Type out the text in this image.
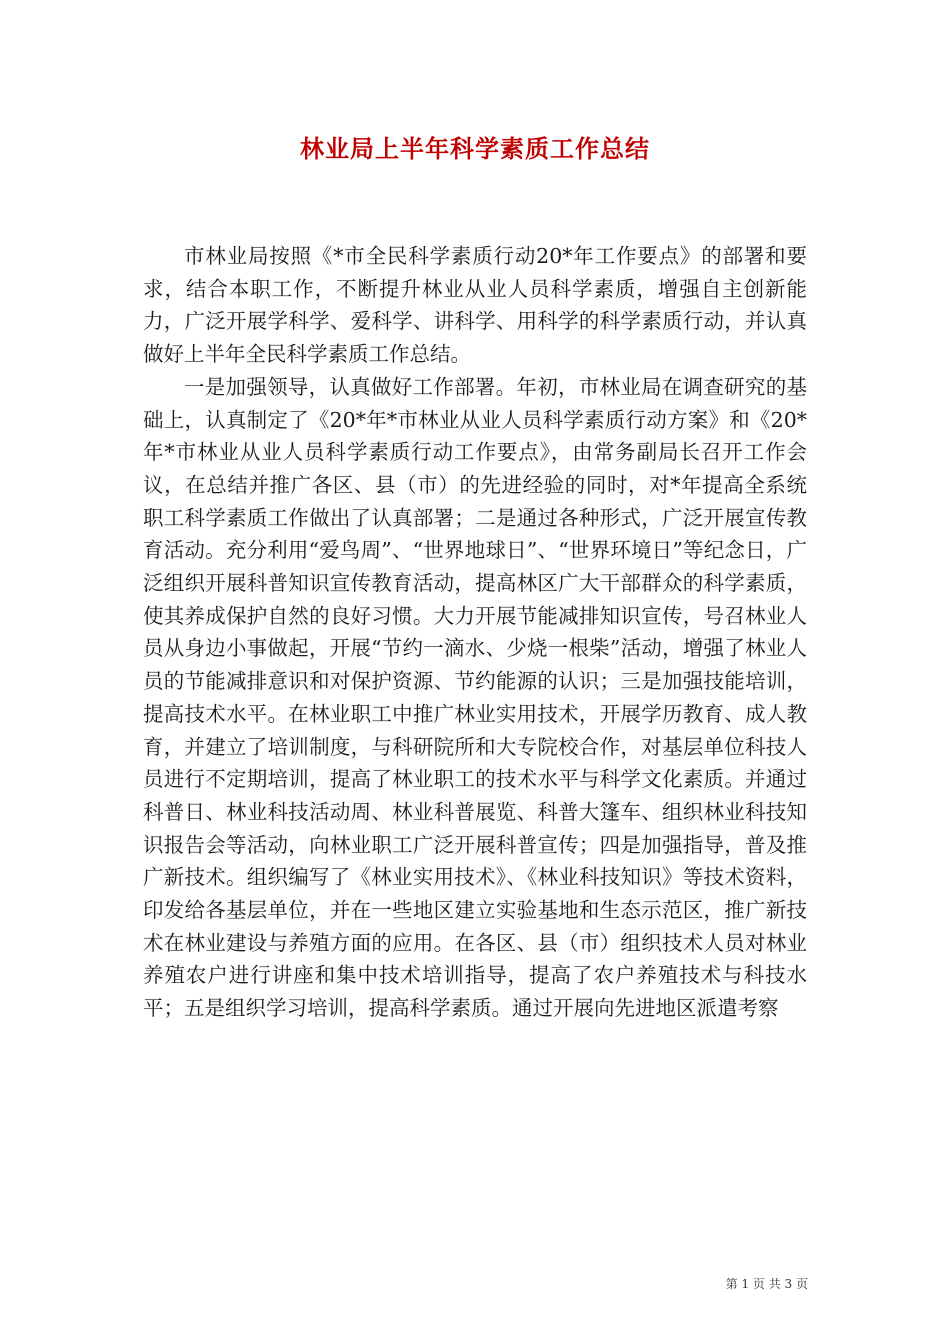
林业局上半年科学素质工作总结

市林业局按照《*市全民科学素质行动20*年工作要点》的部署和要求，结合本职工作，不断提升林业从业人员科学素质，增强自主创新能力，广泛开展学科学、爱科学、讲科学、用科学的科学素质行动，并认真做好上半年全民科学素质工作总结。

一是加强领导，认真做好工作部署。年初，市林业局在调查研究的基础上，认真制定了《20*年*市林业从业人员科学素质行动方案》和《20*年*市林业从业人员科学素质行动工作要点》，由常务副局长召开工作会议，在总结并推广各区、县（市）的先进经验的同时，对*年提高全系统职工科学素质工作做出了认真部署；二是通过各种形式，广泛开展宣传教育活动。充分利用“爱鸟周”、“世界地球日”、“世界环境日”等纪念日，广泛组织开展科普知识宣传教育活动，提高林区广大干部群众的科学素质，使其养成保护自然的良好习惯。大力开展节能减排知识宣传，号召林业人员从身边小事做起，开展“节约一滴水、少烧一根柴”活动，增强了林业人员的节能减排意识和对保护资源、节约能源的认识；三是加强技能培训，提高技术水平。在林业职工中推广林业实用技术，开展学历教育、成人教育，并建立了培训制度，与科研院所和大专院校合作，对基层单位科技人员进行不定期培训，提高了林业职工的技术水平与科学文化素质。并通过科普日、林业科技活动周、林业科普展览、科普大篷车、组织林业科技知识报告会等活动，向林业职工广泛开展科普宣传；四是加强指导，普及推广新技术。组织编写了《林业实用技术》、《林业科技知识》等技术资料，印发给各基层单位，并在一些地区建立实验基地和生态示范区，推广新技术在林业建设与养殖方面的应用。在各区、县（市）组织技术人员对林业养殖农户进行讲座和集中技术培训指导，提高了农户养殖技术与科技水平；五是组织学习培训，提高科学素质。通过开展向先进地区派遣考察

第 1 页 共 3 页
